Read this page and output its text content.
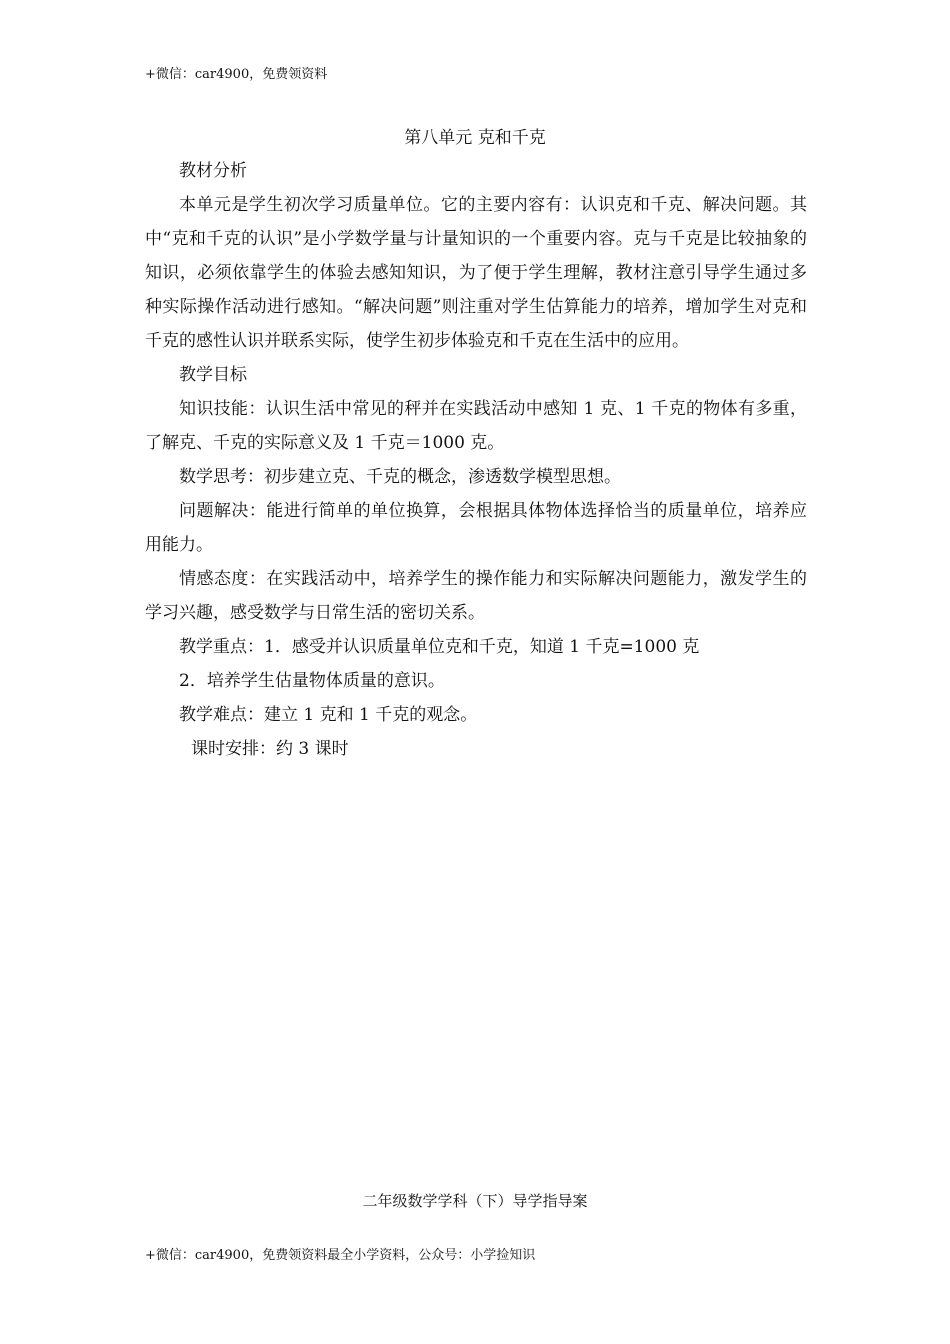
+微信：car4900，免费领资料
第八单元 克和千克

教材分析

本单元是学生初次学习质量单位。它的主要内容有：认识克和千克、解决问题。其中“克和千克的认识”是小学数学量与计量知识的一个重要内容。克与千克是比较抽象的知识，必须依靠学生的体验去感知知识，为了便于学生理解，教材注意引导学生通过多种实际操作活动进行感知。“解决问题”则注重对学生估算能力的培养，增加学生对克和千克的感性认识并联系实际，使学生初步体验克和千克在生活中的应用。

教学目标

知识技能：认识生活中常见的秤并在实践活动中感知 1 克、1 千克的物体有多重，了解克、千克的实际意义及 1 千克＝1000 克。

数学思考：初步建立克、千克的概念，渗透数学模型思想。

问题解决：能进行简单的单位换算，会根据具体物体选择恰当的质量单位，培养应用能力。

情感态度：在实践活动中，培养学生的操作能力和实际解决问题能力，激发学生的学习兴趣，感受数学与日常生活的密切关系。

教学重点：1．感受并认识质量单位克和千克，知道 1 千克=1000 克

2．培养学生估量物体质量的意识。

教学难点：建立 1 克和 1 千克的观念。

课时安排：约 3 课时

二年级数学学科（下）导学指导案
+微信：car4900，免费领资料最全小学资料，公众号：小学捡知识
